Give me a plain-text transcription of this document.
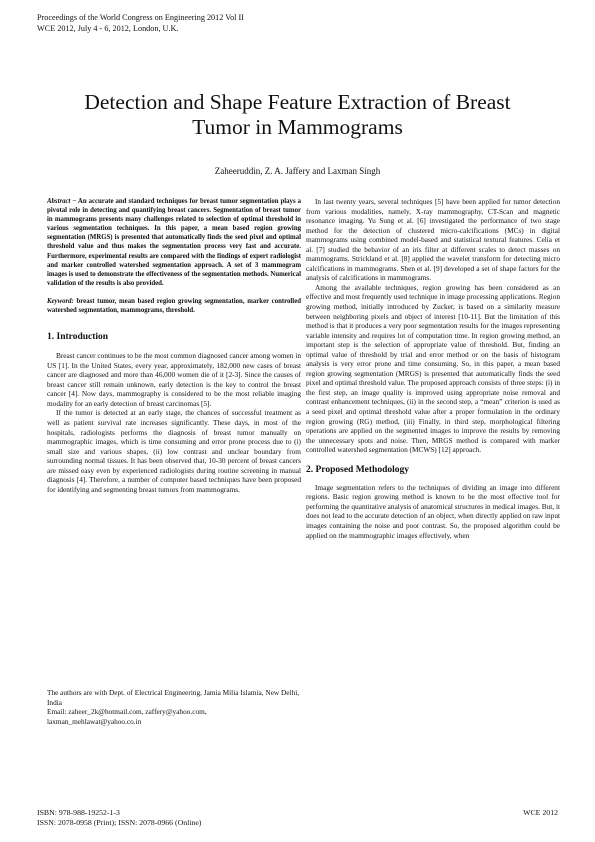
Proceedings of the World Congress on Engineering 2012 Vol II
WCE 2012, July 4 - 6, 2012, London, U.K.
Detection and Shape Feature Extraction of Breast
Tumor in Mammograms
Zaheeruddin, Z. A. Jaffery and Laxman Singh

Abstract − An accurate and standard techniques for breast tumor segmentation plays a pivotal role in detecting and quantifying breast cancers. Segmentation of breast tumor in mammograms presents many challenges related to selection of optimal threshold in various segmentation techniques. In this paper, a mean based region growing segmentation (MRGS) is presented that automatically finds the seed pixel and optimal threshold value and thus makes the segmentation process very fast and accurate. Furthermore, experimental results are compared with the findings of expert radiologist and marker controlled watershed segmentation approach. A set of 3 mammogram images is used to demonstrate the effectiveness of the segmentation methods. Numerical validation of the results is also provided.

Keyword: breast tumor, mean based region growing segmentation, marker controlled watershed segmentation, mammograms, threshold.

1. Introduction

Breast cancer continues to be the most common diagnosed cancer among women in US [1]. In the United States, every year, approximately, 182,000 new cases of breast cancer are diagnosed and more than 46,000 women die of it [2-3]. Since the causes of breast cancer still remain unknown, early detection is the key to control the breast cancer [4]. Now days, mammography is considered to be the most reliable imaging modality for an early detection of breast carcinomas [5].

If the tumor is detected at an early stage, the chances of successful treatment as well as patient survival rate increases significantly. These days, in most of the hospitals, radiologists performs the diagnosis of breast tumor manually on mammographic images, which is time consuming and error prone process due to (i) small size and various shapes, (ii) low contrast and unclear boundary from surrounding normal tissues. It has been observed that, 10-30 percent of breast cancers are missed easy even by experienced radiologists during routine screening in manual diagnosis [4]. Therefore, a number of computer based techniques have been proposed for identifying and segmenting breast tumors from mammograms.

The authors are with Dept. of Electrical Engineering, Jamia Milia Islamia, New Delhi, India

Email: zaheer_2k@hotmail.com, zaffery@yahoo.com, laxman_mehlawat@yahoo.co.in

In last twenty years, several techniques [5] have been applied for tumor detection from various modalities, namely, X-ray mammography, CT-Scan and magnetic resonance imaging. Yu Sung et al. [6] investigated the performance of two stage method for the detection of clustered micro-calcifications (MCs) in digital mammograms using combined model-based and statistical textural features. Celia et al. [7] studied the behavior of an iris filter at different scales to detect masses on mammograms. Strickland et al. [8] applied the wavelet transform for detecting micro calcifications in mammograms. Shen et al. [9] developed a set of shape factors for the analysis of calcifications in mammograms.

Among the available techniques, region growing has been considered as an effective and most frequently used technique in image processing applications. Region growing method, initially introduced by Zucker, is based on a similarity measure between neighboring pixels and object of interest [10-11]. But the limitation of this method is that it produces a very poor segmentation results for the images representing variable intensity and requires lot of computation time. In region growing method, an important step is the selection of appropriate value of threshold. But, finding an optimal value of threshold by trial and error method or on the basis of histogram analysis is very error prone and time consuming. So, in this paper, a mean based region growing segmentation (MRGS) is presented that automatically finds the seed pixel and optimal threshold value. The proposed approach consists of three steps: (i) in the first step, an image quality is improved using appropriate noise removal and contrast enhancement techniques, (ii) in the second step, a “mean” criterion is used as a seed pixel and optimal threshold value after a proper formulation in the ordinary region growing (RG) method, (iii) Finally, in third step, morphological filtering operations are applied on the segmented images to improve the results by removing the unnecessary spots and noise. Then, MRGS method is compared with marker controlled watershed segmentation (MCWS) [12] approach.

2. Proposed Methodology

Image segmentation refers to the techniques of dividing an image into different regions. Basic region growing method is known to be the most effective tool for performing the quantitative analysis of anatomical structures in medical images. But, it does not lead to the accurate detection of an object, when directly applied on raw input images containing the noise and poor contrast. So, the proposed algorithm could be applied on the mammographic images effectively, when

ISBN: 978-988-19252-1-3
ISSN: 2078-0958 (Print); ISSN: 2078-0966 (Online)
WCE 2012
